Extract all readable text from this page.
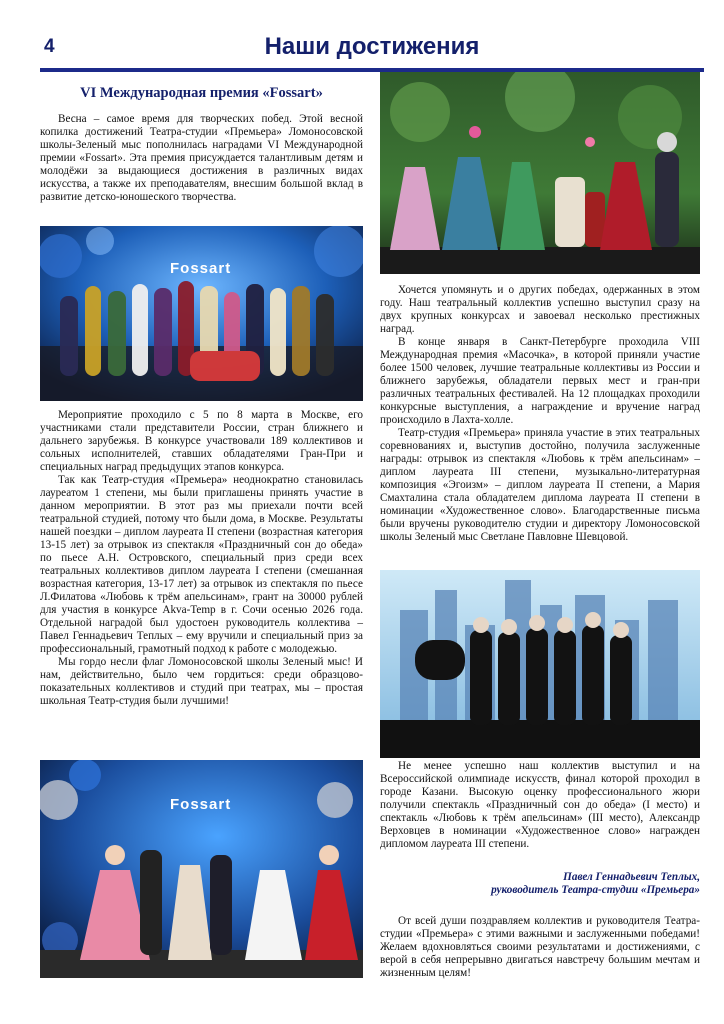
4	Наши достижения
VI Международная премия «Fossart»

Весна – самое время для творческих побед. Этой весной копилка достижений Театра-студии «Премьера» Ломоносовской школы-Зеленый мыс пополнилась наградами VI Международной премии «Fossart». Эта премия присуждается талантливым детям и молодёжи за выдающиеся достижения в различных видах искусства, а также их преподавателям, внесшим большой вклад в развитие детско-юношеского творчества.

Fossart

Мероприятие проходило с 5 по 8 марта в Москве, его участниками стали представители России, стран ближнего и дальнего зарубежья. В конкурсе участвовали 189 коллективов и сольных исполнителей, ставших обладателями Гран-При и специальных наград предыдущих этапов конкурса.

Так как Театр-студия «Премьера» неоднократно становилась лауреатом 1 степени, мы были приглашены принять участие в данном мероприятии. В этот раз мы приехали почти всей театральной студией, потому что были дома, в Москве. Результаты нашей поездки – диплом лауреата II степени (возрастная категория 13-15 лет) за отрывок из спектакля «Праздничный сон до обеда» по пьесе А.Н. Островского, специальный приз среди всех театральных коллективов диплом лауреата I степени (смешанная возрастная категория, 13-17 лет) за отрывок из спектакля по пьесе Л.Филатова «Любовь к трём апельсинам», грант на 30000 рублей для участия в конкурсе Akva-Temp в г. Сочи осенью 2026 года. Отдельной наградой был удостоен руководитель коллектива – Павел Геннадьевич Теплых – ему вручили и специальный приз за профессиональный, грамотный подход к работе с молодежью.

Мы гордо несли флаг Ломоносовской школы Зеленый мыс! И нам, действительно, было чем гордиться: среди образцово-показательных коллективов и студий при театрах, мы – простая школьная Театр-студия были лучшими!

Fossart

Хочется упомянуть и о других победах, одержанных в этом году. Наш театральный коллектив успешно выступил сразу на двух крупных конкурсах и завоевал несколько престижных наград.

В конце января в Санкт-Петербурге проходила VIII Международная премия «Масочка», в которой приняли участие более 1500 человек, лучшие театральные коллективы из России и ближнего зарубежья, обладатели первых мест и гран-при различных театральных фестивалей. На 12 площадках проходили конкурсные выступления, а награждение и вручение наград происходило в Лахта-холле.

Театр-студия «Премьера» приняла участие в этих театральных соревнованиях и, выступив достойно, получила заслуженные награды: отрывок из спектакля «Любовь к трём апельсинам» – диплом лауреата III степени, музыкально-литературная композиция «Эгоизм» – диплом лауреата II степени, а Мария Смахталина стала обладателем диплома лауреата II степени в номинации «Художественное слово». Благодарственные письма были вручены руководителю студии и директору Ломоносовской школы Зеленый мыс Светлане Павловне Шевцовой.

Не менее успешно наш коллектив выступил и на Всероссийской олимпиаде искусств, финал которой проходил в городе Казани. Высокую оценку профессионального жюри получили спектакль «Праздничный сон до обеда» (I место) и спектакль «Любовь к трём апельсинам» (III место), Александр Верховцев в номинации «Художественное слово» награжден дипломом лауреата III степени.

Павел Геннадьевич Теплых,
руководитель Театра-студии «Премьера»

От всей души поздравляем коллектив и руководителя Театра-студии «Премьера» с этими важными и заслуженными победами! Желаем вдохновляться своими результатами и достижениями, с верой в себя непрерывно двигаться навстречу большим мечтам и жизненным целям!
